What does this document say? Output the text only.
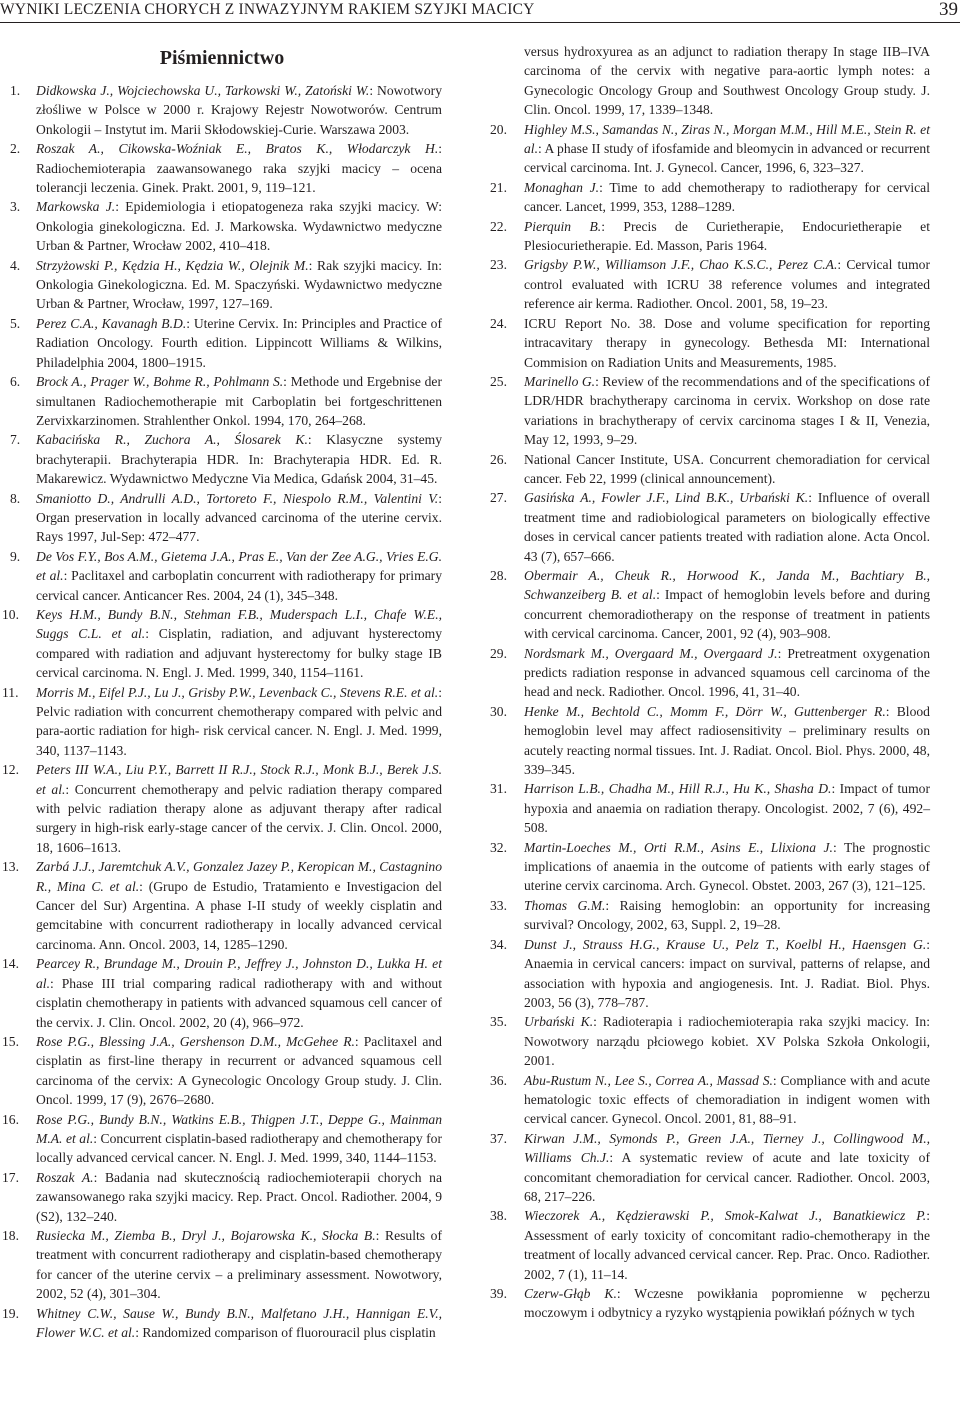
WYNIKI LECZENIA CHORYCH Z INWAZYJNYM RAKIEM SZYJKI MACICY	39
Piśmiennictwo

1. Didkowska J., Wojciechowska U., Tarkowski W., Zatoński W.: Nowotwory złośliwe w Polsce w 2000 r. Krajowy Rejestr Nowotworów. Centrum Onkologii – Instytut im. Marii Skłodowskiej-Curie. Warszawa 2003.

2. Roszak A., Cikowska-Woźniak E., Bratos K., Włodarczyk H.: Radiochemioterapia zaawansowanego raka szyjki macicy – ocena tolerancji leczenia. Ginek. Prakt. 2001, 9, 119–121.

3. Markowska J.: Epidemiologia i etiopatogeneza raka szyjki macicy. W: Onkologia ginekologiczna. Ed. J. Markowska. Wydawnictwo medyczne Urban & Partner, Wrocław 2002, 410–418.

4. Strzyżowski P., Kędzia H., Kędzia W., Olejnik M.: Rak szyjki macicy. In: Onkologia Ginekologiczna. Ed. M. Spaczyński. Wydawnictwo medyczne Urban & Partner, Wrocław, 1997, 127–169.

5. Perez C.A., Kavanagh B.D.: Uterine Cervix. In: Principles and Practice of Radiation Oncology. Fourth edition. Lippincott Williams & Wilkins, Philadelphia 2004, 1800–1915.

6. Brock A., Prager W., Bohme R., Pohlmann S.: Methode und Ergebnise der simultanen Radiochemotherapie mit Carboplatin bei fortgeschrittenen Zervixkarzinomen. Strahlenther Onkol. 1994, 170, 264–268.

7. Kabacińska R., Zuchora A., Ślosarek K.: Klasyczne systemy brachyterapii. Brachyterapia HDR. In: Brachyterapia HDR. Ed. R. Makarewicz. Wydawnictwo Medyczne Via Medica, Gdańsk 2004, 31–45.

8. Smaniotto D., Andrulli A.D., Tortoreto F., Niespolo R.M., Valentini V.: Organ preservation in locally advanced carcinoma of the uterine cervix. Rays 1997, Jul-Sep: 472–477.

9. De Vos F.Y., Bos A.M., Gietema J.A., Pras E., Van der Zee A.G., Vries E.G. et al.: Paclitaxel and carboplatin concurrent with radiotherapy for primary cervical cancer. Anticancer Res. 2004, 24 (1), 345–348.

10. Keys H.M., Bundy B.N., Stehman F.B., Muderspach L.I., Chafe W.E., Suggs C.L. et al.: Cisplatin, radiation, and adjuvant hysterectomy compared with radiation and adjuvant hysterectomy for bulky stage IB cervical carcinoma. N. Engl. J. Med. 1999, 340, 1154–1161.

11. Morris M., Eifel P.J., Lu J., Grisby P.W., Levenback C., Stevens R.E. et al.: Pelvic radiation with concurrent chemotherapy compared with pelvic and para-aortic radiation for high- risk cervical cancer. N. Engl. J. Med. 1999, 340, 1137–1143.

12. Peters III W.A., Liu P.Y., Barrett II R.J., Stock R.J., Monk B.J., Berek J.S. et al.: Concurrent chemotherapy and pelvic radiation therapy compared with pelvic radiation therapy alone as adjuvant therapy after radical surgery in high-risk early-stage cancer of the cervix. J. Clin. Oncol. 2000, 18, 1606–1613.

13. Zarbá J.J., Jaremtchuk A.V., Gonzalez Jazey P., Keropican M., Castagnino R., Mina C. et al.: (Grupo de Estudio, Tratamiento e Investigacion del Cancer del Sur) Argentina. A phase I-II study of weekly cisplatin and gemcitabine with concurrent radiotherapy in locally advanced cervical carcinoma. Ann. Oncol. 2003, 14, 1285–1290.

14. Pearcey R., Brundage M., Drouin P., Jeffrey J., Johnston D., Lukka H. et al.: Phase III trial comparing radical radiotherapy with and without cisplatin chemotherapy in patients with advanced squamous cell cancer of the cervix. J. Clin. Oncol. 2002, 20 (4), 966–972.

15. Rose P.G., Blessing J.A., Gershenson D.M., McGehee R.: Paclitaxel and cisplatin as first-line therapy in recurrent or advanced squamous cell carcinoma of the cervix: A Gynecologic Oncology Group study. J. Clin. Oncol. 1999, 17 (9), 2676–2680.

16. Rose P.G., Bundy B.N., Watkins E.B., Thigpen J.T., Deppe G., Mainman M.A. et al.: Concurrent cisplatin-based radiotherapy and chemotherapy for locally advanced cervical cancer. N. Engl. J. Med. 1999, 340, 1144–1153.

17. Roszak A.: Badania nad skutecznością radiochemioterapii chorych na zawansowanego raka szyjki macicy. Rep. Pract. Oncol. Radiother. 2004, 9 (S2), 132–240.

18. Rusiecka M., Ziemba B., Dryl J., Bojarowska K., Słocka B.: Results of treatment with concurrent radiotherapy and cisplatin-based chemotherapy for cancer of the uterine cervix – a preliminary assessment. Nowotwory, 2002, 52 (4), 301–304.

19. Whitney C.W., Sause W., Bundy B.N., Malfetano J.H., Hannigan E.V., Flower W.C. et al.: Randomized comparison of fluorouracil plus cisplatin

versus hydroxyurea as an adjunct to radiation therapy In stage IIB–IVA carcinoma of the cervix with negative para-aortic lymph notes: a Gynecologic Oncology Group and Southwest Oncology Group study. J. Clin. Oncol. 1999, 17, 1339–1348.

20. Highley M.S., Samandas N., Ziras N., Morgan M.M., Hill M.E., Stein R. et al.: A phase II study of ifosfamide and bleomycin in advanced or recurrent cervical carcinoma. Int. J. Gynecol. Cancer, 1996, 6, 323–327.

21. Monaghan J.: Time to add chemotherapy to radiotherapy for cervical cancer. Lancet, 1999, 353, 1288–1289.

22. Pierquin B.: Precis de Curietherapie, Endocurietherapie et Plesiocurietherapie. Ed. Masson, Paris 1964.

23. Grigsby P.W., Williamson J.F., Chao K.S.C., Perez C.A.: Cervical tumor control evaluated with ICRU 38 reference volumes and integrated reference air kerma. Radiother. Oncol. 2001, 58, 19–23.

24. ICRU Report No. 38. Dose and volume specification for reporting intracavitary therapy in gynecology. Bethesda MI: International Commision on Radiation Units and Measurements, 1985.

25. Marinello G.: Review of the recommendations and of the specifications of LDR/HDR brachytherapy carcinoma in cervix. Workshop on dose rate variations in brachytherapy of cervix carcinoma stages I & II, Venezia, May 12, 1993, 9–29.

26. National Cancer Institute, USA. Concurrent chemoradiation for cervical cancer. Feb 22, 1999 (clinical announcement).

27. Gasińska A., Fowler J.F., Lind B.K., Urbański K.: Influence of overall treatment time and radiobiological parameters on biologically effective doses in cervical cancer patients treated with radiation alone. Acta Oncol. 43 (7), 657–666.

28. Obermair A., Cheuk R., Horwood K., Janda M., Bachtiary B., Schwanzeiberg B. et al.: Impact of hemoglobin levels before and during concurrent chemoradiotherapy on the response of treatment in patients with cervical carcinoma. Cancer, 2001, 92 (4), 903–908.

29. Nordsmark M., Overgaard M., Overgaard J.: Pretreatment oxygenation predicts radiation response in advanced squamous cell carcinoma of the head and neck. Radiother. Oncol. 1996, 41, 31–40.

30. Henke M., Bechtold C., Momm F., Dörr W., Guttenberger R.: Blood hemoglobin level may affect radiosensitivity – preliminary results on acutely reacting normal tissues. Int. J. Radiat. Oncol. Biol. Phys. 2000, 48, 339–345.

31. Harrison L.B., Chadha M., Hill R.J., Hu K., Shasha D.: Impact of tumor hypoxia and anaemia on radiation therapy. Oncologist. 2002, 7 (6), 492–508.

32. Martin-Loeches M., Orti R.M., Asins E., Llixiona J.: The prognostic implications of anaemia in the outcome of patients with early stages of uterine cervix carcinoma. Arch. Gynecol. Obstet. 2003, 267 (3), 121–125.

33. Thomas G.M.: Raising hemoglobin: an opportunity for increasing survival? Oncology, 2002, 63, Suppl. 2, 19–28.

34. Dunst J., Strauss H.G., Krause U., Pelz T., Koelbl H., Haensgen G.: Anaemia in cervical cancers: impact on survival, patterns of relapse, and association with hypoxia and angiogenesis. Int. J. Radiat. Biol. Phys. 2003, 56 (3), 778–787.

35. Urbański K.: Radioterapia i radiochemioterapia raka szyjki macicy. In: Nowotwory narządu płciowego kobiet. XV Polska Szkoła Onkologii, 2001.

36. Abu-Rustum N., Lee S., Correa A., Massad S.: Compliance with and acute hematologic toxic effects of chemoradiation in indigent women with cervical cancer. Gynecol. Oncol. 2001, 81, 88–91.

37. Kirwan J.M., Symonds P., Green J.A., Tierney J., Collingwood M., Williams Ch.J.: A systematic review of acute and late toxicity of concomitant chemoradiation for cervical cancer. Radiother. Oncol. 2003, 68, 217–226.

38. Wieczorek A., Kędzierawski P., Smok-Kalwat J., Banatkiewicz P.: Assessment of early toxicity of concomitant radio-chemotherapy in the treatment of locally advanced cervical cancer. Rep. Prac. Onco. Radiother. 2002, 7 (1), 11–14.

39. Czerw-Głąb K.: Wczesne powikłania popromienne w pęcherzu moczowym i odbytnicy a ryzyko wystąpienia powikłań późnych w tych
